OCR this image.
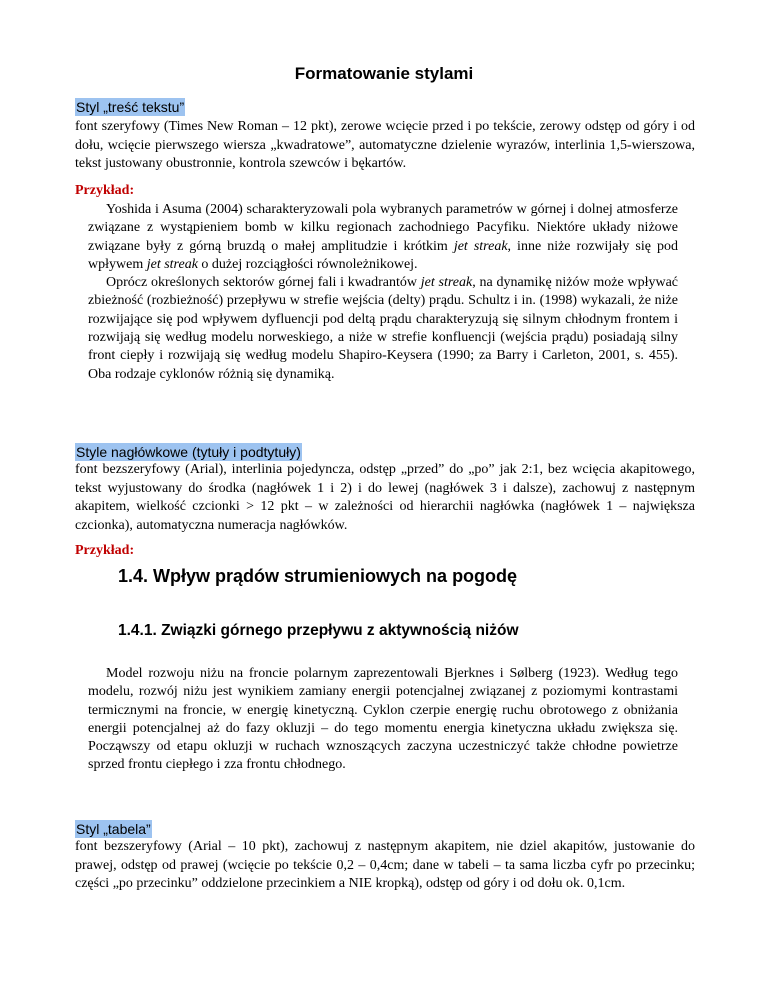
Formatowanie stylami
Styl „treść tekstu”
font szeryfowy (Times New Roman – 12 pkt), zerowe wcięcie przed i po tekście, zerowy odstęp od góry i od dołu, wcięcie pierwszego wiersza „kwadratowe”, automatyczne dzielenie wyrazów, interlinia 1,5-wierszowa, tekst justowany obustronnie, kontrola szewców i bękartów.
Przykład:

Yoshida i Asuma (2004) scharakteryzowali pola wybranych parametrów w górnej i dolnej atmosferze związane z wystąpieniem bomb w kilku regionach zachodniego Pacyfiku. Niektóre układy niżowe związane były z górną bruzdą o małej amplitudzie i krótkim jet streak, inne niże rozwijały się pod wpływem jet streak o dużej rozciągłości równoleżnikowej.

Oprócz określonych sektorów górnej fali i kwadrantów jet streak, na dynamikę niżów może wpływać zbieżność (rozbieżność) przepływu w strefie wejścia (delty) prądu. Schultz i in. (1998) wykazali, że niże rozwijające się pod wpływem dyfluencji pod deltą prądu charakteryzują się silnym chłodnym frontem i rozwijają się według modelu norweskiego, a niże w strefie konfluencji (wejścia prądu) posiadają silny front ciepły i rozwijają się według modelu Shapiro-Keysera (1990; za Barry i Carleton, 2001, s. 455). Oba rodzaje cyklonów różnią się dynamiką.

Style nagłówkowe (tytuły i podtytuły)
font bezszeryfowy (Arial), interlinia pojedyncza, odstęp „przed” do „po” jak 2:1, bez wcięcia akapitowego, tekst wyjustowany do środka (nagłówek 1 i 2) i do lewej (nagłówek 3 i dalsze), zachowuj z następnym akapitem, wielkość czcionki > 12 pkt – w zależności od hierarchii nagłówka (nagłówek 1 – największa czcionka), automatyczna numeracja nagłówków.
Przykład:
1.4. Wpływ prądów strumieniowych na pogodę
1.4.1. Związki górnego przepływu z aktywnością niżów
Model rozwoju niżu na froncie polarnym zaprezentowali Bjerknes i Sølberg (1923). Według tego modelu, rozwój niżu jest wynikiem zamiany energii potencjalnej związanej z poziomymi kontrastami termicznymi na froncie, w energię kinetyczną. Cyklon czerpie energię ruchu obrotowego z obniżania energii potencjalnej aż do fazy okluzji – do tego momentu energia kinetyczna układu zwiększa się. Począwszy od etapu okluzji w ruchach wznoszących zaczyna uczestniczyć także chłodne powietrze sprzed frontu ciepłego i zza frontu chłodnego.
Styl „tabela”
font bezszeryfowy (Arial – 10 pkt), zachowuj z następnym akapitem, nie dziel akapitów, justowanie do prawej, odstęp od prawej (wcięcie po tekście 0,2 – 0,4cm; dane w tabeli – ta sama liczba cyfr po przecinku; części „po przecinku” oddzielone przecinkiem a NIE kropką), odstęp od góry i od dołu ok. 0,1cm.
